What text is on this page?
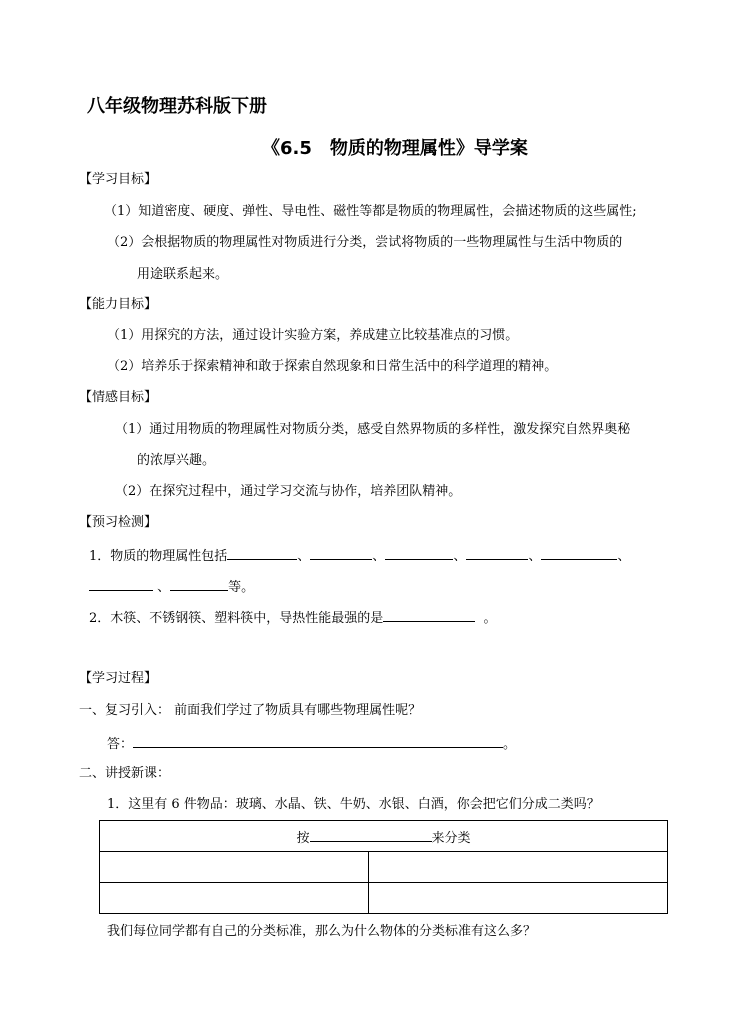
八年级物理苏科版下册
《6.5　物质的物理属性》导学案
【学习目标】
（1）知道密度、硬度、弹性、导电性、磁性等都是物质的物理属性，会描述物质的这些属性;
（2）会根据物质的物理属性对物质进行分类，尝试将物质的一些物理属性与生活中物质的
用途联系起来。
【能力目标】
（1）用探究的方法，通过设计实验方案，养成建立比较基准点的习惯。
（2）培养乐于探索精神和敢于探索自然现象和日常生活中的科学道理的精神。
【情感目标】
（1）通过用物质的物理属性对物质分类，感受自然界物质的多样性，激发探究自然界奥秘
的浓厚兴趣。
（2）在探究过程中，通过学习交流与协作，培养团队精神。
【预习检测】
1．物质的物理属性包括	、	、	、	、	、
、	等。
2．木筷、不锈钢筷、塑料筷中，导热性能最强的是	。
【学习过程】
一、复习引入： 前面我们学过了物质具有哪些物理属性呢？
答：	。
二、讲授新课：
1．这里有 6 件物品：玻璃、水晶、铁、牛奶、水银、白酒，你会把它们分成二类吗？
按 来分类	

我们每位同学都有自己的分类标准，那么为什么物体的分类标准有这么多？
